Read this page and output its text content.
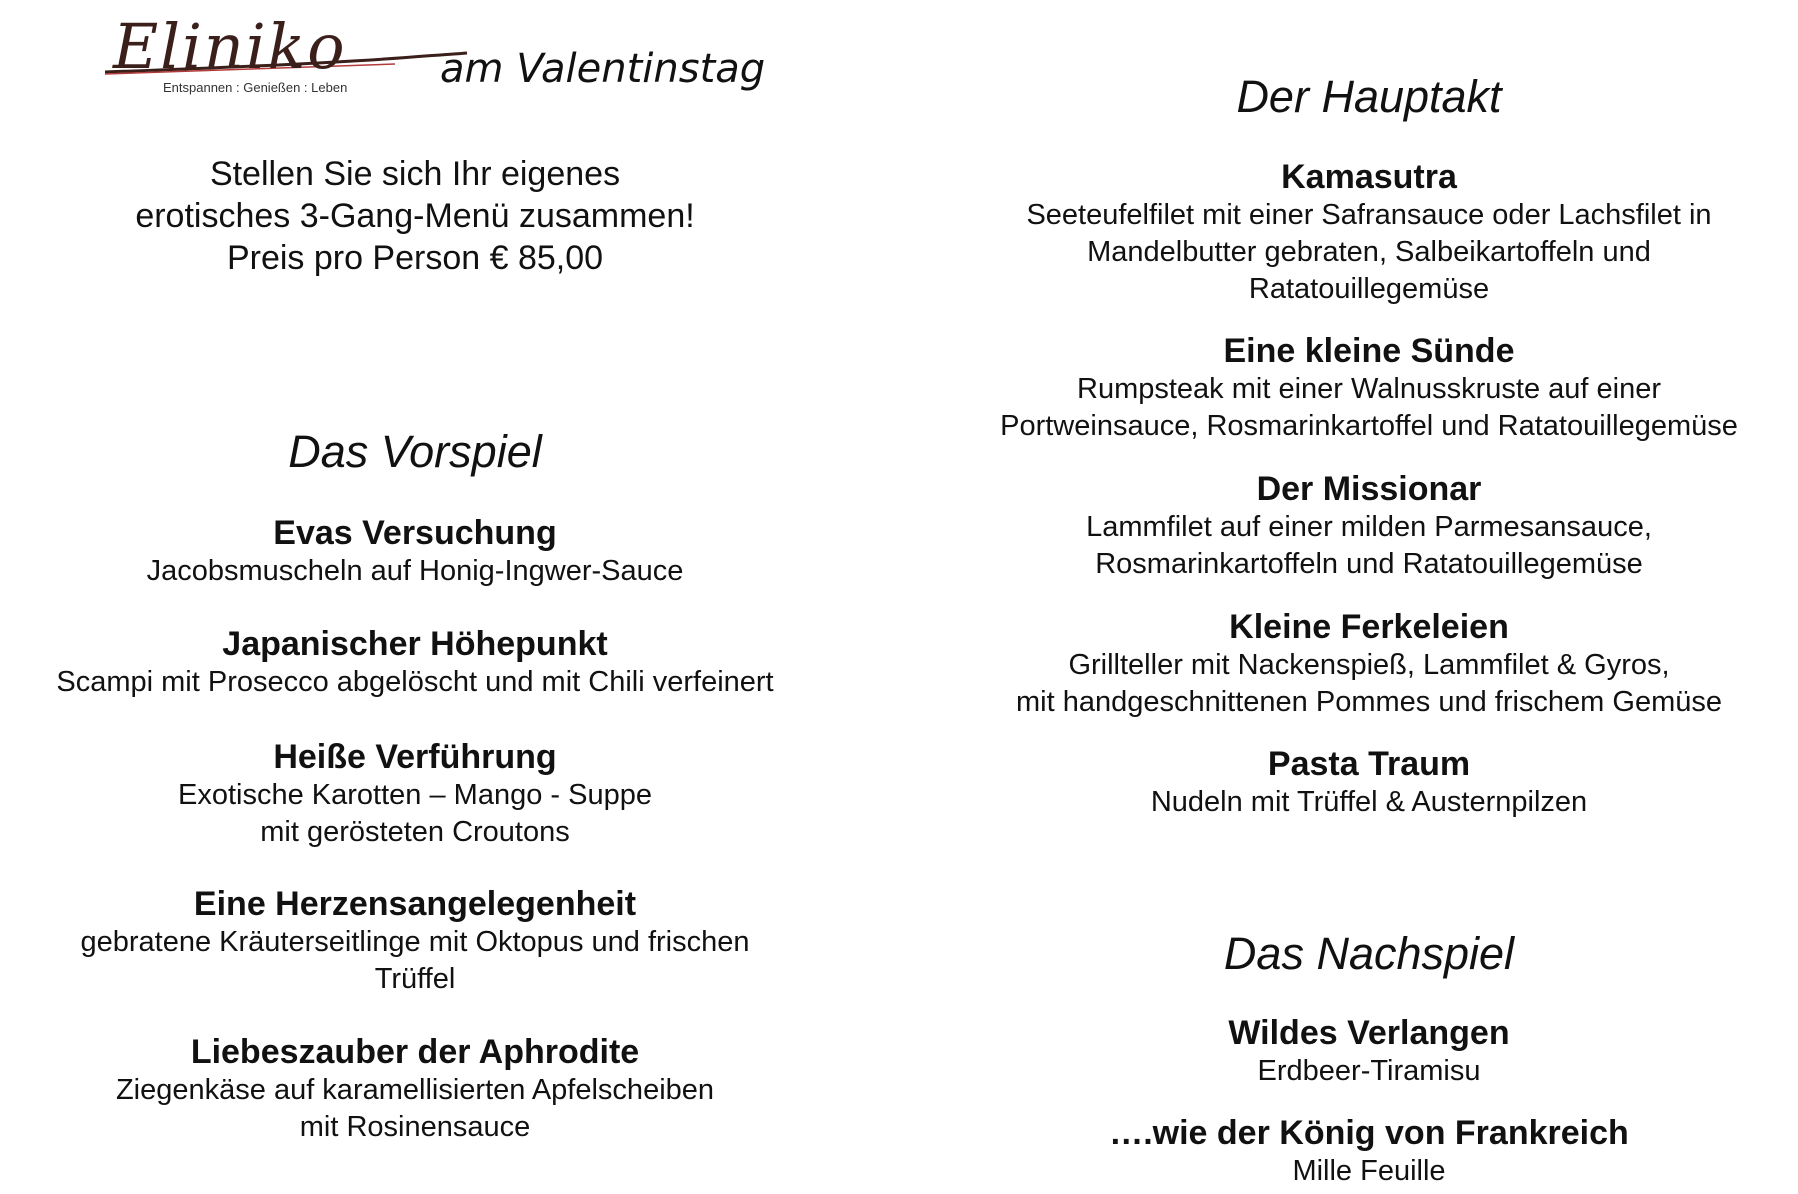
Eliniko
Entspannen : Genießen : Leben am Valentinstag
Stellen Sie sich Ihr eigenes
erotisches 3-Gang-Menü zusammen!
Preis pro Person € 85,00
Das Vorspiel
Evas Versuchung
Jacobsmuscheln auf Honig-Ingwer-Sauce
Japanischer Höhepunkt
Scampi mit Prosecco abgelöscht und mit Chili verfeinert
Heiße Verführung
Exotische Karotten – Mango - Suppe
mit gerösteten Croutons
Eine Herzensangelegenheit
gebratene Kräuterseitlinge mit Oktopus und frischen
Trüffel
Liebeszauber der Aphrodite
Ziegenkäse auf karamellisierten Apfelscheiben
mit Rosinensauce
Der Hauptakt
Kamasutra
Seeteufelfilet mit einer Safransauce oder Lachsfilet in
Mandelbutter gebraten, Salbeikartoffeln und
Ratatouillegemüse
Eine kleine Sünde
Rumpsteak mit einer Walnusskruste auf einer
Portweinsauce, Rosmarinkartoffel und Ratatouillegemüse
Der Missionar
Lammfilet auf einer milden Parmesansauce,
Rosmarinkartoffeln und Ratatouillegemüse
Kleine Ferkeleien
Grillteller mit Nackenspieß, Lammfilet & Gyros,
mit handgeschnittenen Pommes und frischem Gemüse
Pasta Traum
Nudeln mit Trüffel & Austernpilzen
Das Nachspiel
Wildes Verlangen
Erdbeer-Tiramisu
….wie der König von Frankreich
Mille Feuille
